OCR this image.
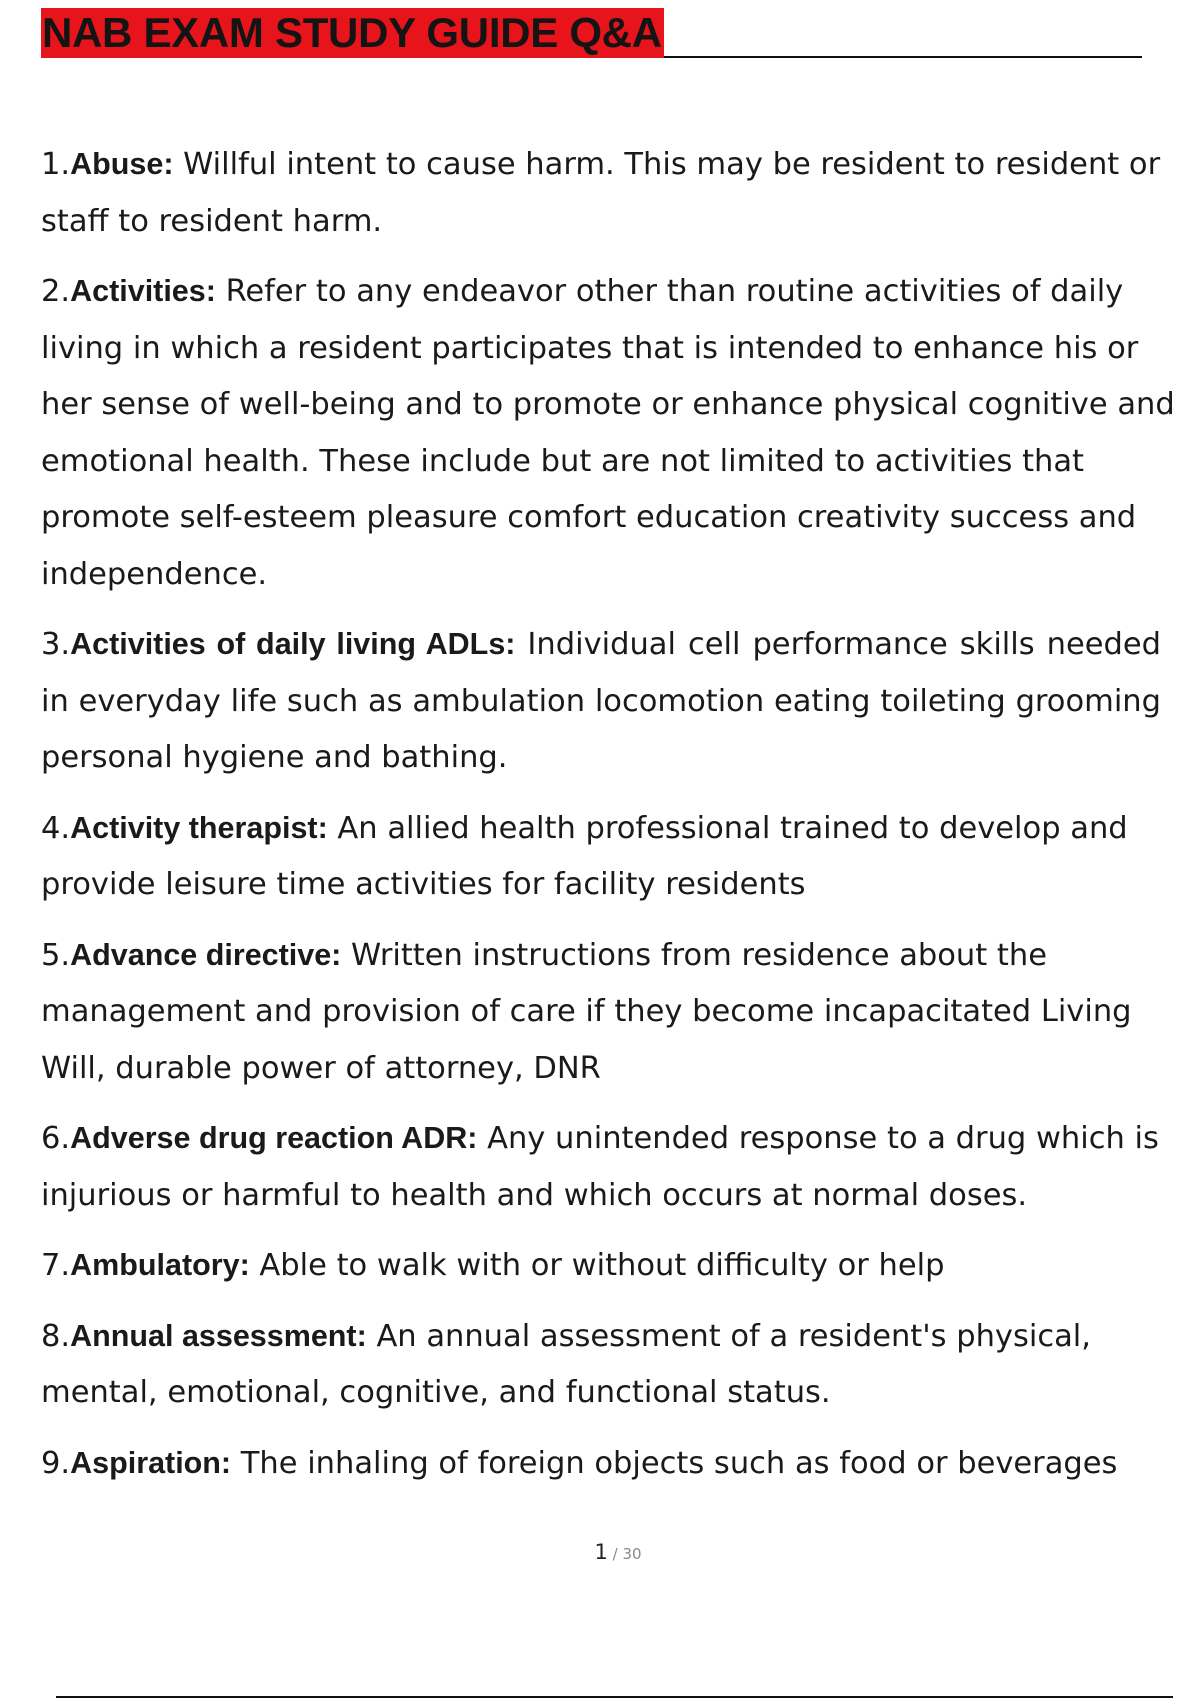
NAB EXAM STUDY GUIDE Q&A
1.Abuse: Willful intent to cause harm. This may be resident to resident or staff to resident harm.
2.Activities: Refer to any endeavor other than routine activities of daily living in which a resident participates that is intended to enhance his or her sense of well-being and to promote or enhance physical cognitive and emotional health. These include but are not limited to activities that promote self-esteem pleasure comfort education creativity success and independence.
3.Activities of daily living ADLs: Individual cell performance skills needed in everyday life such as ambulation locomotion eating toileting grooming personal hygiene and bathing.
4.Activity therapist: An allied health professional trained to develop and provide leisure time activities for facility residents
5.Advance directive: Written instructions from residence about the management and provision of care if they become incapacitated Living Will, durable power of attorney, DNR
6.Adverse drug reaction ADR: Any unintended response to a drug which is injurious or harmful to health and which occurs at normal doses.
7.Ambulatory: Able to walk with or without difficulty or help
8.Annual assessment: An annual assessment of a resident's physical, mental, emotional, cognitive, and functional status.
9.Aspiration: The inhaling of foreign objects such as food or beverages
1 / 30
